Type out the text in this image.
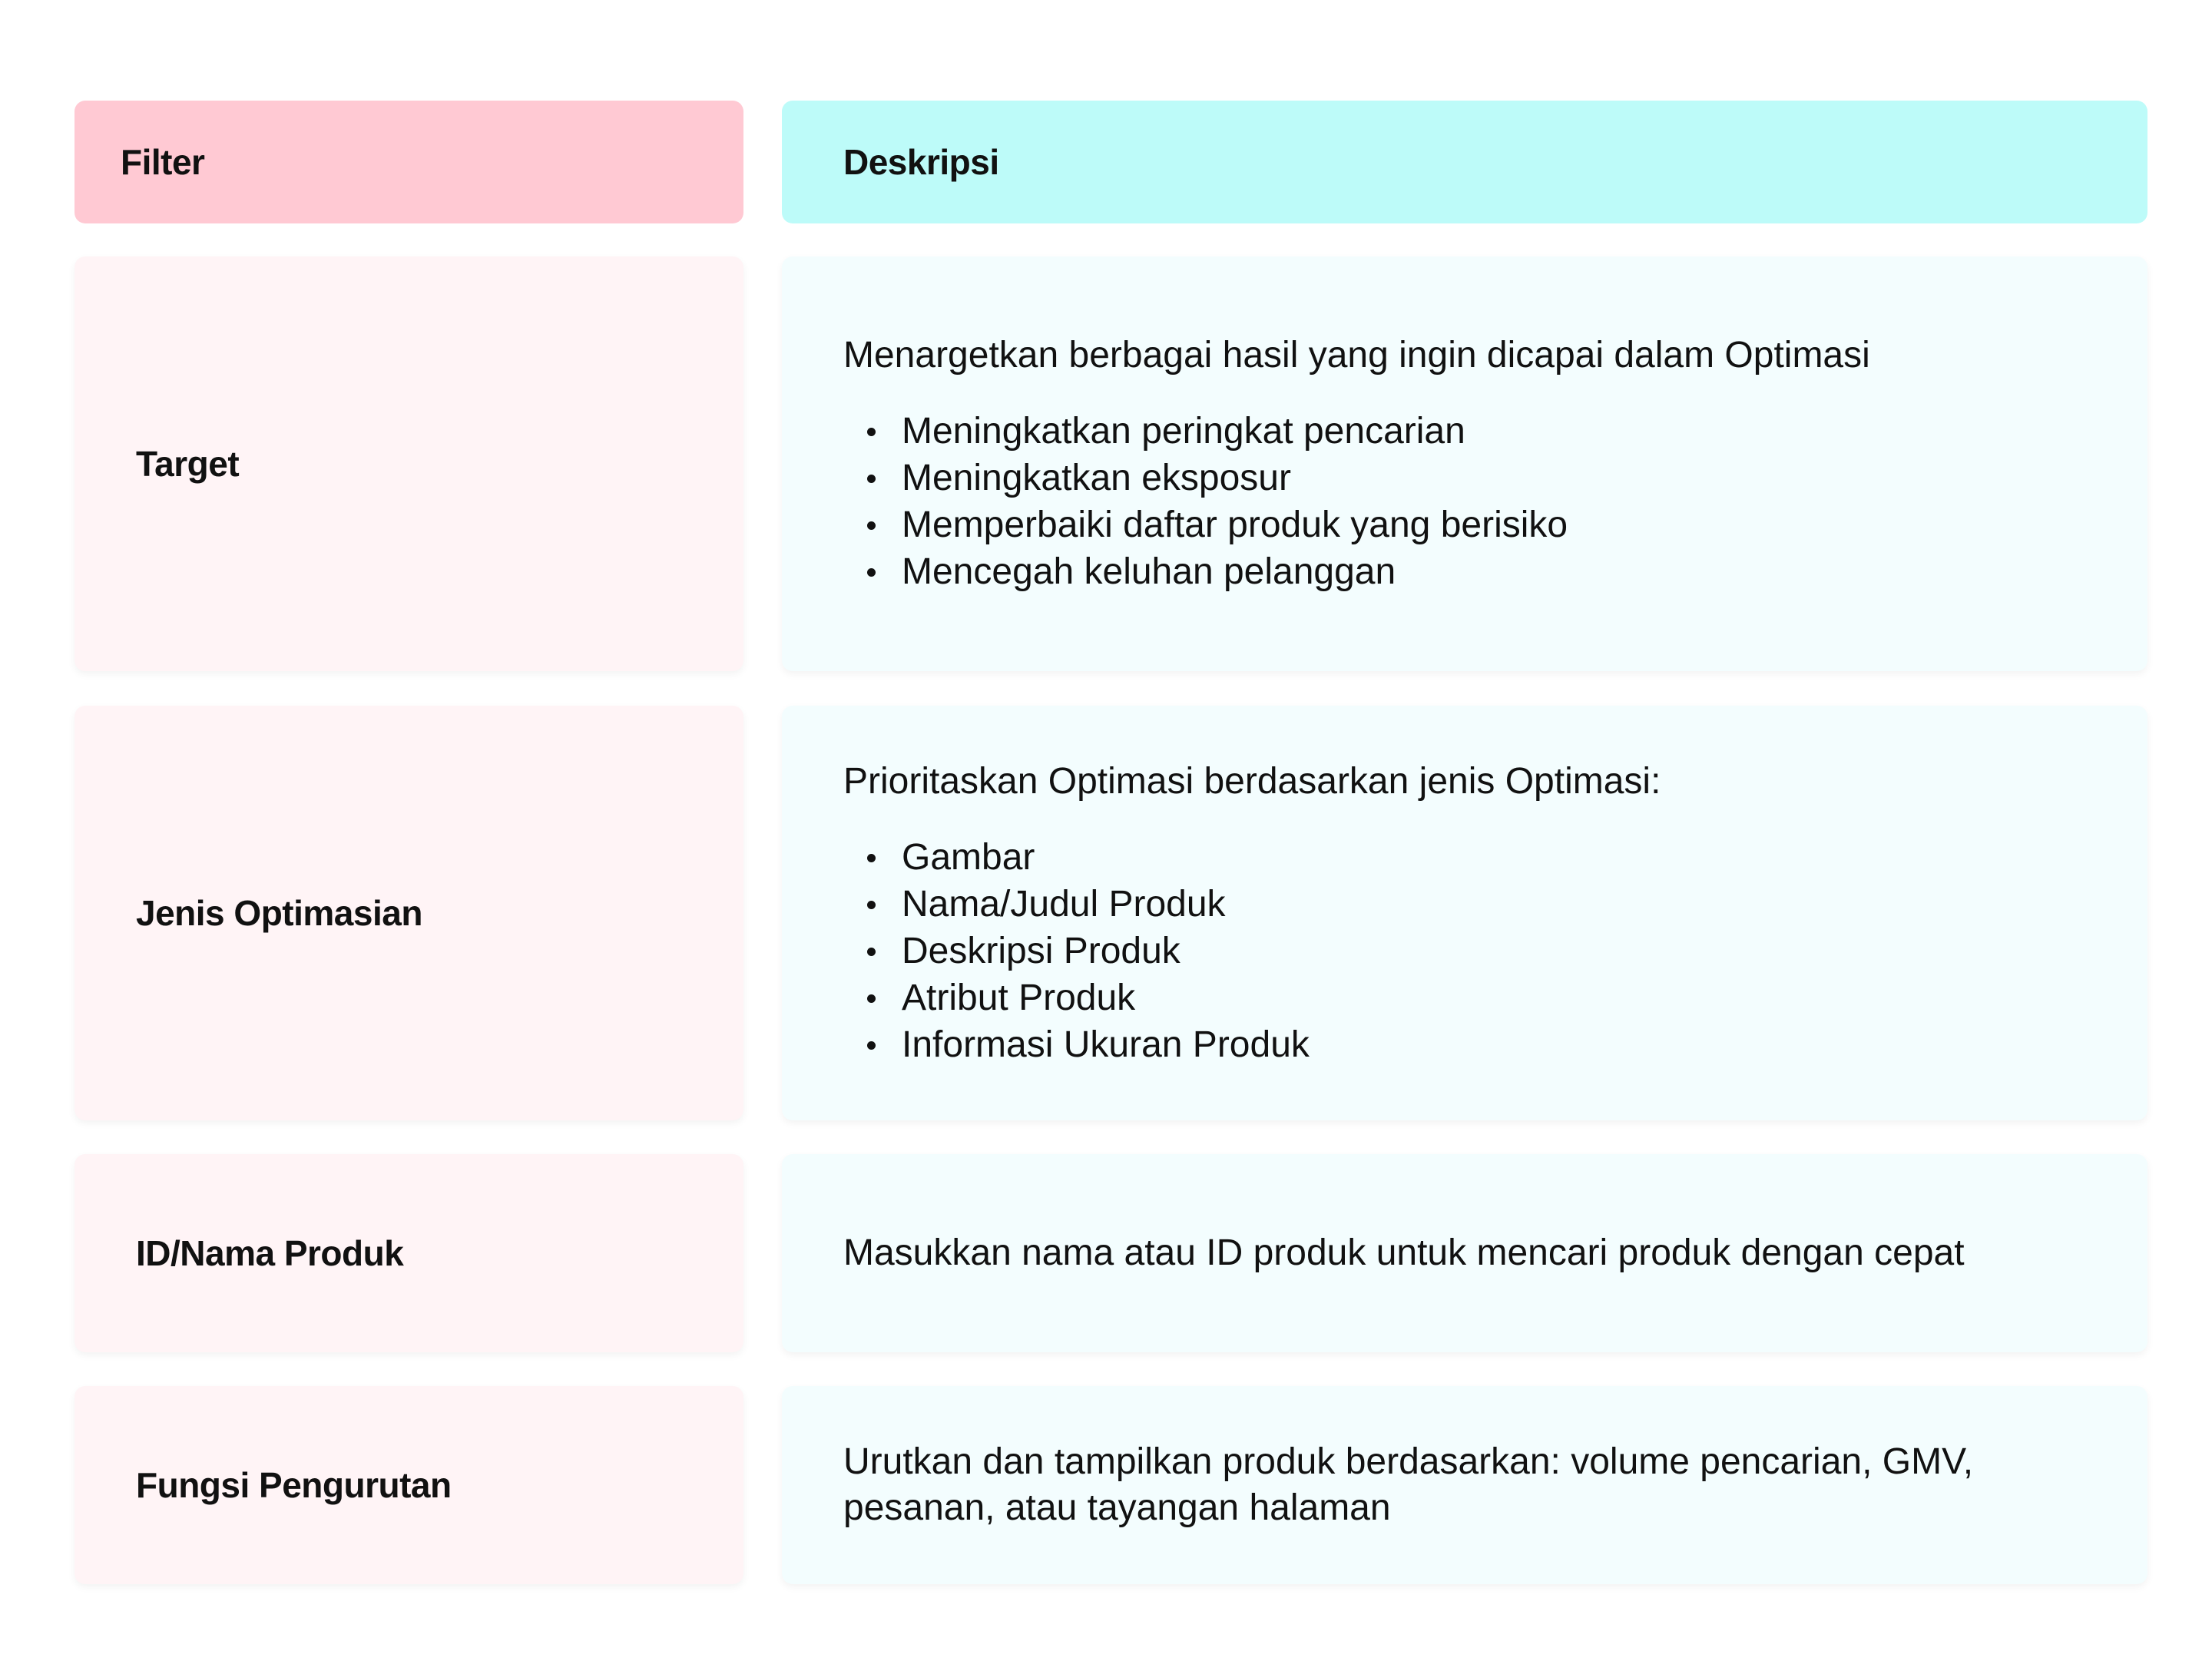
Filter	Deskripsi
Target

Menargetkan berbagai hasil yang ingin dicapai dalam Optimasi

Meningkatkan peringkat pencarian
Meningkatkan eksposur
Memperbaiki daftar produk yang berisiko
Mencegah keluhan pelanggan
Jenis Optimasian

Prioritaskan Optimasi berdasarkan jenis Optimasi:

Gambar
Nama/Judul Produk
Deskripsi Produk
Atribut Produk
Informasi Ukuran Produk
ID/Nama Produk	Masukkan nama atau ID produk untuk mencari produk dengan cepat

Fungsi Pengurutan

Urutkan dan tampilkan produk berdasarkan: volume pencarian, GMV, pesanan, atau tayangan halaman
